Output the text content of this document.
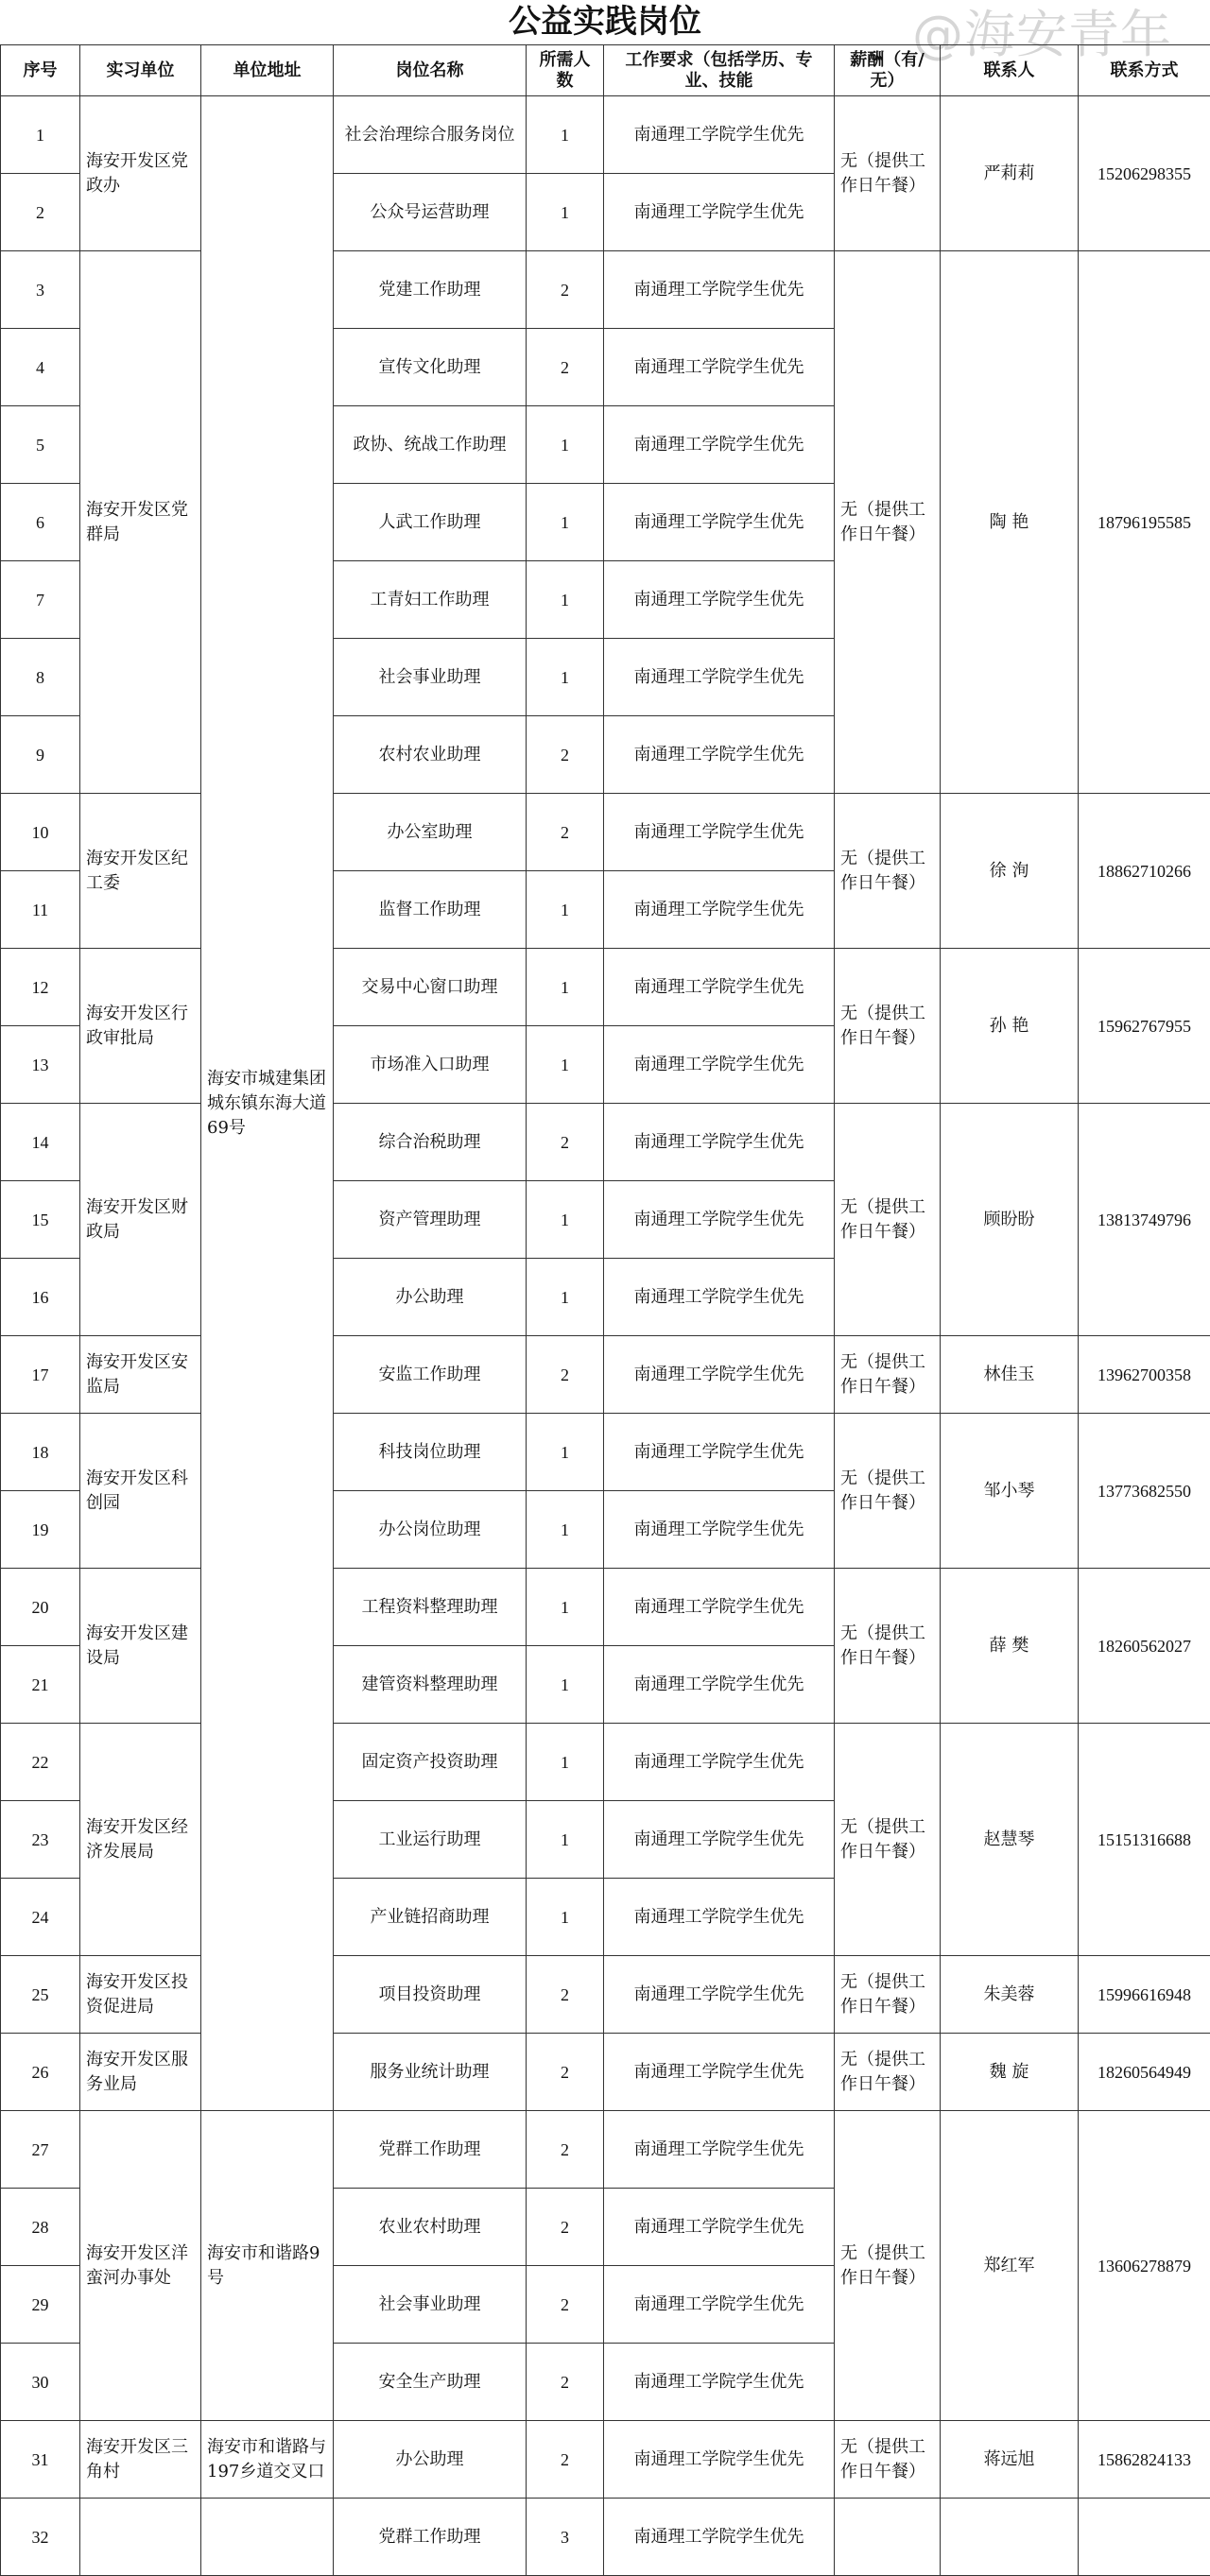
公益实践岗位	@海安青年
序号	实习单位	单位地址	岗位名称	所需人数	工作要求（包括学历、专业、技能	薪酬（有/无）	联系人	联系方式
1	海安开发区党政办	海安市城建集团城东镇东海大道69号	社会治理综合服务岗位	1	南通理工学院学生优先	无（提供工作日午餐）	严莉莉	15206298355
2			公众号运营助理	1	南通理工学院学生优先			
3	海安开发区党群局		党建工作助理	2	南通理工学院学生优先	无（提供工作日午餐）	陶 艳	18796195585
4			宣传文化助理	2	南通理工学院学生优先			
5			政协、统战工作助理	1	南通理工学院学生优先			
6			人武工作助理	1	南通理工学院学生优先			
7			工青妇工作助理	1	南通理工学院学生优先			
8			社会事业助理	1	南通理工学院学生优先			
9			农村农业助理	2	南通理工学院学生优先			
10	海安开发区纪工委		办公室助理	2	南通理工学院学生优先	无（提供工作日午餐）	徐 洵	18862710266
11			监督工作助理	1	南通理工学院学生优先			
12	海安开发区行政审批局		交易中心窗口助理	1	南通理工学院学生优先	无（提供工作日午餐）	孙 艳	15962767955
13			市场准入口助理	1	南通理工学院学生优先			
14	海安开发区财政局		综合治税助理	2	南通理工学院学生优先	无（提供工作日午餐）	顾盼盼	13813749796
15			资产管理助理	1	南通理工学院学生优先			
16			办公助理	1	南通理工学院学生优先			
17	海安开发区安监局		安监工作助理	2	南通理工学院学生优先	无（提供工作日午餐）	林佳玉	13962700358
18	海安开发区科创园		科技岗位助理	1	南通理工学院学生优先	无（提供工作日午餐）	邹小琴	13773682550
19			办公岗位助理	1	南通理工学院学生优先			
20	海安开发区建设局		工程资料整理助理	1	南通理工学院学生优先	无（提供工作日午餐）	薛 樊	18260562027
21			建管资料整理助理	1	南通理工学院学生优先			
22	海安开发区经济发展局		固定资产投资助理	1	南通理工学院学生优先	无（提供工作日午餐）	赵慧琴	15151316688
23			工业运行助理	1	南通理工学院学生优先			
24			产业链招商助理	1	南通理工学院学生优先			
25	海安开发区投资促进局		项目投资助理	2	南通理工学院学生优先	无（提供工作日午餐）	朱美蓉	15996616948
26	海安开发区服务业局		服务业统计助理	2	南通理工学院学生优先	无（提供工作日午餐）	魏 旋	18260564949
27	海安开发区洋蛮河办事处	海安市和谐路9号	党群工作助理	2	南通理工学院学生优先	无（提供工作日午餐）	郑红军	13606278879
28			农业农村助理	2	南通理工学院学生优先			
29			社会事业助理	2	南通理工学院学生优先			
30			安全生产助理	2	南通理工学院学生优先			
31	海安开发区三角村	海安市和谐路与197乡道交叉口	办公助理	2	南通理工学院学生优先	无（提供工作日午餐）	蒋远旭	15862824133
32			党群工作助理	3	南通理工学院学生优先			
